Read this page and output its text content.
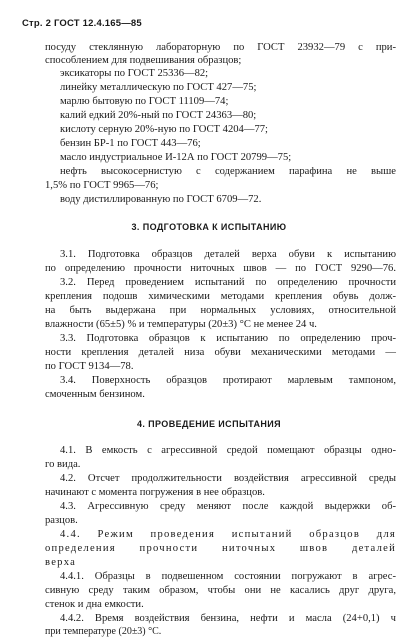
Стр. 2 ГОСТ 12.4.165—85
посуду стеклянную лабораторную по ГОСТ 23932—79 с при-
способлением для подвешивания образцов;
эксикаторы по ГОСТ 25336—82;
линейку металлическую по ГОСТ 427—75;
марлю бытовую по ГОСТ 11109—74;
калий едкий 20%-ный по ГОСТ 24363—80;
кислоту серную 20%-ную по ГОСТ 4204—77;
бензин БР-1 по ГОСТ 443—76;
масло индустриальное И-12А по ГОСТ 20799—75;
нефть высокосернистую с содержанием парафина не выше
1,5% по ГОСТ 9965—76;
воду дистиллированную по ГОСТ 6709—72.
3. ПОДГОТОВКА К ИСПЫТАНИЮ
3.1. Подготовка образцов деталей верха обуви к испытанию
по определению прочности ниточных швов — по ГОСТ 9290—76.
3.2. Перед проведением испытаний по определению прочности
крепления подошв химическими методами крепления обувь долж-
на быть выдержана при нормальных условиях, относительной
влажности (65±5) % и температуры (20±3) °С не менее 24 ч.
3.3. Подготовка образцов к испытанию по определению проч-
ности крепления деталей низа обуви механическими методами —
по ГОСТ 9134—78.
3.4. Поверхность образцов протирают марлевым тампоном,
смоченным бензином.
4. ПРОВЕДЕНИЕ ИСПЫТАНИЯ
4.1. В емкость с агрессивной средой помещают образцы одно-
го вида.
4.2. Отсчет продолжительности воздействия агрессивной среды
начинают с момента погружения в нее образцов.
4.3. Агрессивную среду меняют после каждой выдержки об-
разцов.
4.4. Режим проведения испытаний образцов для
определения прочности ниточных швов деталей
верха
4.4.1. Образцы в подвешенном состоянии погружают в агрес-
сивную среду таким образом, чтобы они не касались друг друга,
стенок и дна емкости.
4.4.2. Время воздействия бензина, нефти и масла (24+0,1) ч
при температуре (20±3) °С.
